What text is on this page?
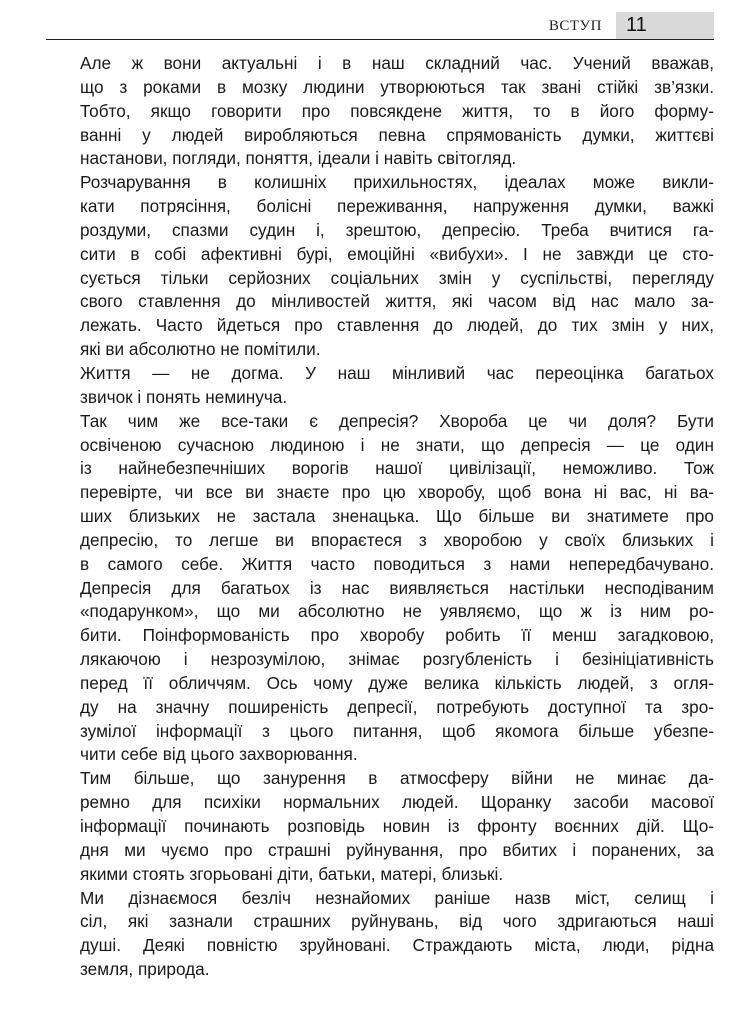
ВСТУП 11

Але ж вони актуальні і в наш складний час. Учений вважав,
що з роками в мозку людини утворюються так звані стійкі зв’язки.
Тобто, якщо говорити про повсякдене життя, то в його форму-
ванні у людей виробляються певна спрямованість думки, життєві
настанови, погляди, поняття, ідеали і навіть світогляд.

Розчарування в колишніх прихильностях, ідеалах може викли-
кати потрясіння, болісні переживання, напруження думки, важкі
роздуми, спазми судин і, зрештою, депресію. Треба вчитися га-
сити в собі афективні бурі, емоційні «вибухи». І не завжди це сто-
сується тільки серйозних соціальних змін у суспільстві, перегляду
свого ставлення до мінливостей життя, які часом від нас мало за-
лежать. Часто йдеться про ставлення до людей, до тих змін у них,
які ви абсолютно не помітили.

Життя — не догма. У наш мінливий час переоцінка багатьох
звичок і понять неминуча.

Так чим же все-таки є депресія? Хвороба це чи доля? Бути
освіченою сучасною людиною і не знати, що депресія — це один
із найнебезпечніших ворогів нашої цивілізації, неможливо. Тож
перевірте, чи все ви знаєте про цю хворобу, щоб вона ні вас, ні ва-
ших близьких не застала зненацька. Що більше ви знатимете про
депресію, то легше ви впораєтеся з хворобою у своїх близьких і
в самого себе. Життя часто поводиться з нами непередбачувано.
Депресія для багатьох із нас виявляється настільки несподіваним
«подарунком», що ми абсолютно не уявляємо, що ж із ним ро-
бити. Поінформованість про хворобу робить її менш загадковою,
лякаючою і незрозумілою, знімає розгубленість і безініціативність
перед її обличчям. Ось чому дуже велика кількість людей, з огля-
ду на значну поширеність депресії, потребують доступної та зро-
зумілої інформації з цього питання, щоб якомога більше убезпе-
чити себе від цього захворювання.

Тим більше, що занурення в атмосферу війни не минає да-
ремно для психіки нормальних людей. Щоранку засоби масової
інформації починають розповідь новин із фронту воєнних дій. Що-
дня ми чуємо про страшні руйнування, про вбитих і поранених, за
якими стоять згорьовані діти, батьки, матері, близькі.

Ми дізнаємося безліч незнайомих раніше назв міст, селищ і
сіл, які зазнали страшних руйнувань, від чого здригаються наші
душі. Деякі повністю зруйновані. Страждають міста, люди, рідна
земля, природа.
